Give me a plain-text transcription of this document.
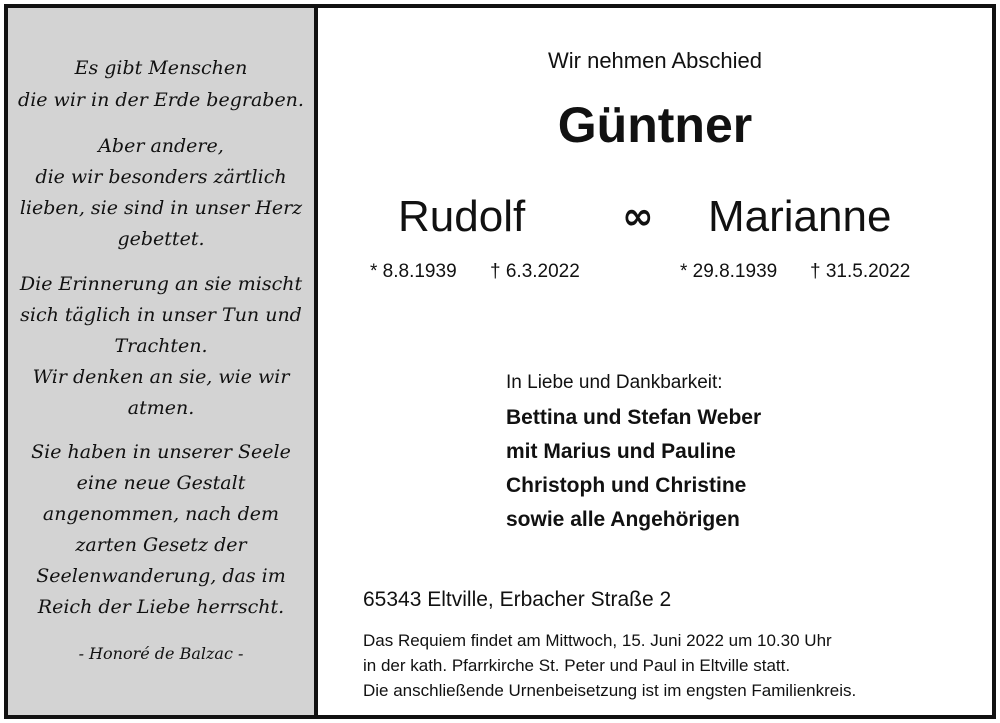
Es gibt Menschen
die wir in der Erde begraben.
Aber andere,
die wir besonders zärtlich
lieben, sie sind in unser Herz
gebettet.
Die Erinnerung an sie mischt
sich täglich in unser Tun und
Trachten.
Wir denken an sie, wie wir
atmen.
Sie haben in unserer Seele
eine neue Gestalt
angenommen, nach dem
zarten Gesetz der
Seelenwanderung, das im
Reich der Liebe herrscht.
- Honoré de Balzac -
Wir nehmen Abschied
Güntner
Rudolf	∞ Marianne
* 8.8.1939 † 6.3.2022	* 29.8.1939 † 31.5.2022
In Liebe und Dankbarkeit:
Bettina und Stefan Weber
mit Marius und Pauline
Christoph und Christine
sowie alle Angehörigen
65343 Eltville, Erbacher Straße 2
Das Requiem findet am Mittwoch, 15. Juni 2022 um 10.30 Uhr
in der kath. Pfarrkirche St. Peter und Paul in Eltville statt.
Die anschließende Urnenbeisetzung ist im engsten Familienkreis.
